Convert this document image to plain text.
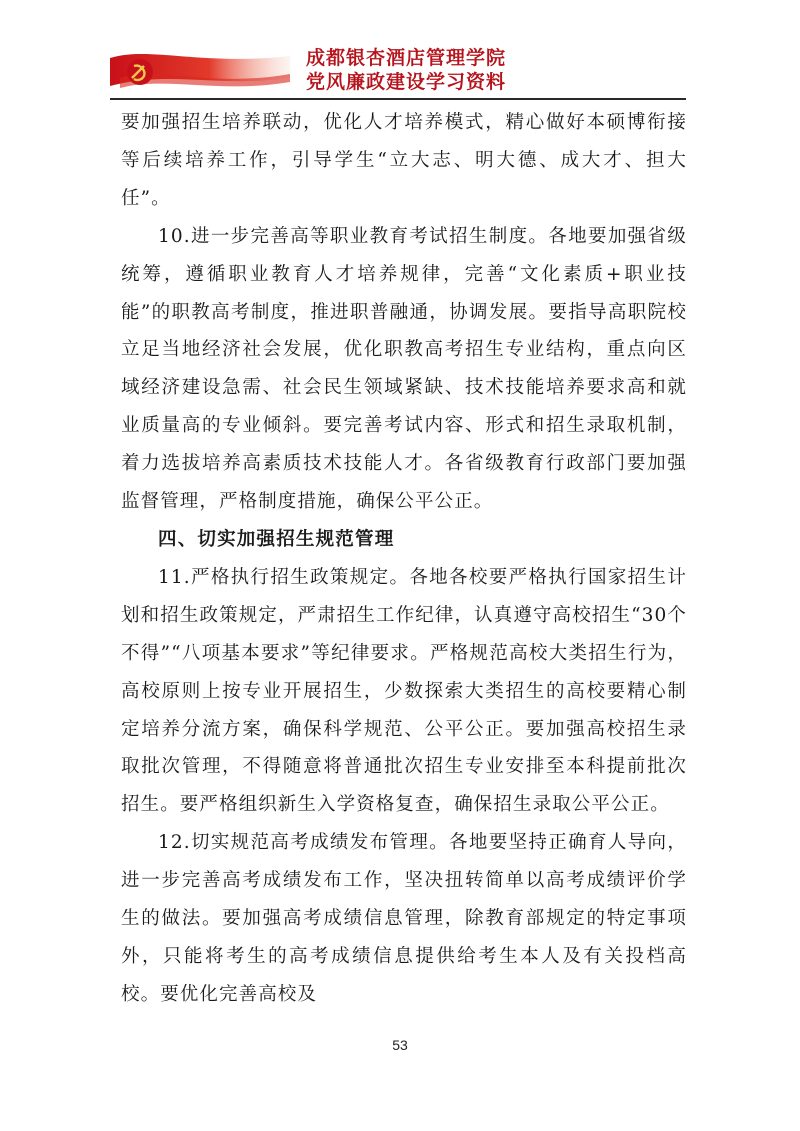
成都银杏酒店管理学院
党风廉政建设学习资料

要加强招生培养联动，优化人才培养模式，精心做好本硕博衔接等后续培养工作，引导学生“立大志、明大德、成大才、担大任”。

10.进一步完善高等职业教育考试招生制度。各地要加强省级统筹，遵循职业教育人才培养规律，完善“文化素质+职业技能”的职教高考制度，推进职普融通，协调发展。要指导高职院校立足当地经济社会发展，优化职教高考招生专业结构，重点向区域经济建设急需、社会民生领域紧缺、技术技能培养要求高和就业质量高的专业倾斜。要完善考试内容、形式和招生录取机制，着力选拔培养高素质技术技能人才。各省级教育行政部门要加强监督管理，严格制度措施，确保公平公正。

四、切实加强招生规范管理

11.严格执行招生政策规定。各地各校要严格执行国家招生计划和招生政策规定，严肃招生工作纪律，认真遵守高校招生“30个不得”“八项基本要求”等纪律要求。严格规范高校大类招生行为，高校原则上按专业开展招生，少数探索大类招生的高校要精心制定培养分流方案，确保科学规范、公平公正。要加强高校招生录取批次管理，不得随意将普通批次招生专业安排至本科提前批次招生。要严格组织新生入学资格复查，确保招生录取公平公正。

12.切实规范高考成绩发布管理。各地要坚持正确育人导向，进一步完善高考成绩发布工作，坚决扭转简单以高考成绩评价学生的做法。要加强高考成绩信息管理，除教育部规定的特定事项外，只能将考生的高考成绩信息提供给考生本人及有关投档高校。要优化完善高校及

53
